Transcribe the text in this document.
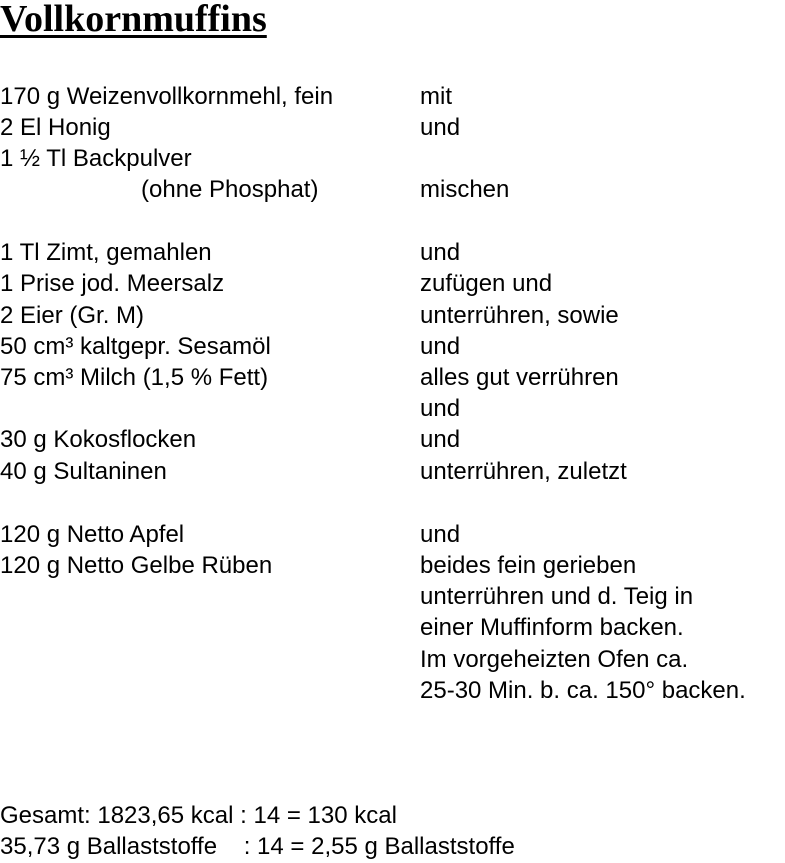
Vollkornmuffins
170 g Weizenvollkornmehl, fein
2 El Honig
1 ½ Tl Backpulver
(ohne Phosphat)
1 Tl Zimt, gemahlen
1 Prise jod. Meersalz
2 Eier (Gr. M)
50 cm³ kaltgepr. Sesamöl
75 cm³ Milch (1,5 % Fett)
30 g Kokosflocken
40 g Sultaninen
120 g Netto Apfel
120 g Netto Gelbe Rüben
mit
und
mischen
und
zufügen und
unterrühren, sowie
und
alles gut verrühren
und
und
unterrühren, zuletzt
und
beides fein gerieben
unterrühren und d. Teig in
einer Muffinform backen.
Im vorgeheizten Ofen ca.
25-30 Min. b. ca. 150° backen.
Gesamt: 1823,65 kcal : 14 = 130 kcal
35,73 g Ballaststoffe    : 14 = 2,55 g Ballaststoffe
